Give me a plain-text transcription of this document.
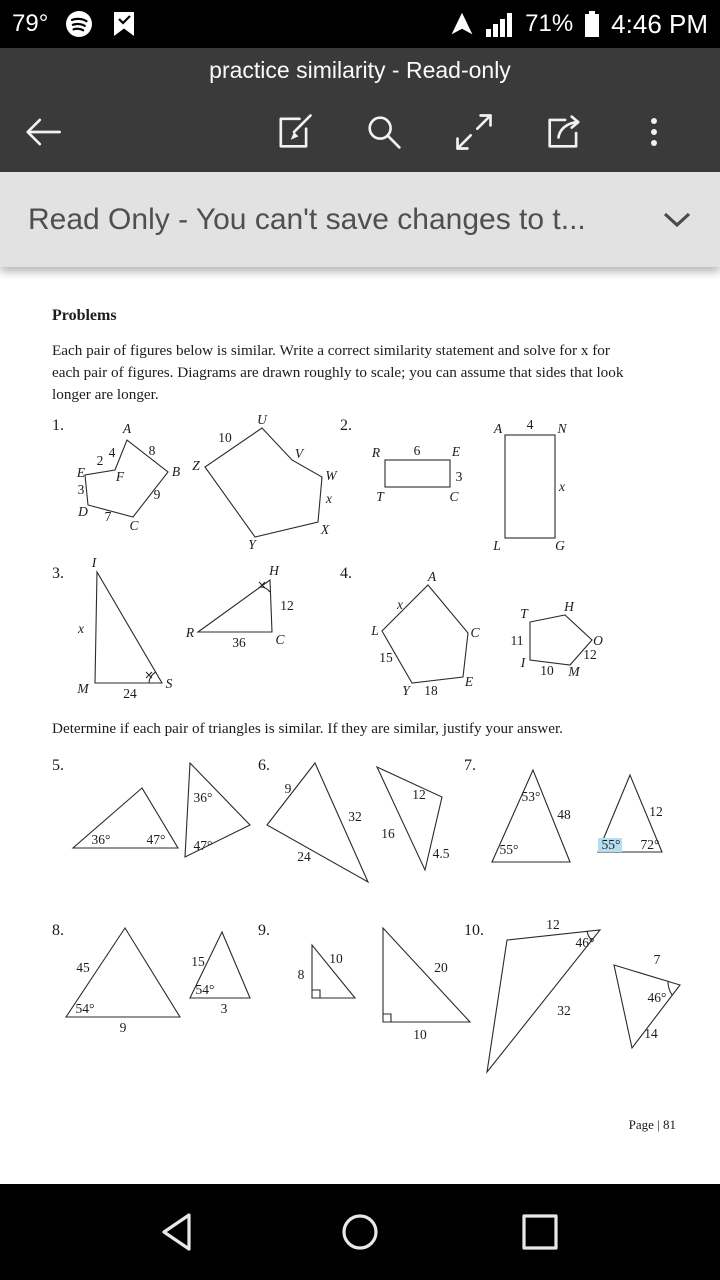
79°	71% 4:46 PM
practice similarity - Read-only
Read Only - You can't save changes to t...
Problems
Each pair of figures below is similar. Write a correct similarity statement and solve for x for
each pair of figures. Diagrams are drawn roughly to scale; you can assume that sides that look
longer are longer.
1.	2.
3.	4.
5.	6.	7.
8.	9.	10.
A
4 8
B
9
C
7
D
3
E
2
F
U
10
Z
V
W
x
X
Y
R 6 E
3
C
T
4
A	N
x
L	G
I
x
M	24
S
H
12
C
36
R
A
C
E
Y
L
x
15
18
T	H
O
M
I
11
12
10
36°	47°
36°
47°
9
32
24
12
16
4.5
53°
48
55°
12
55° 72°
45
54°
9
15
54°
3
8
10
20
10
12
46°
32
7
46°
14
Determine if each pair of triangles is similar. If they are similar, justify your answer.
Page | 81
